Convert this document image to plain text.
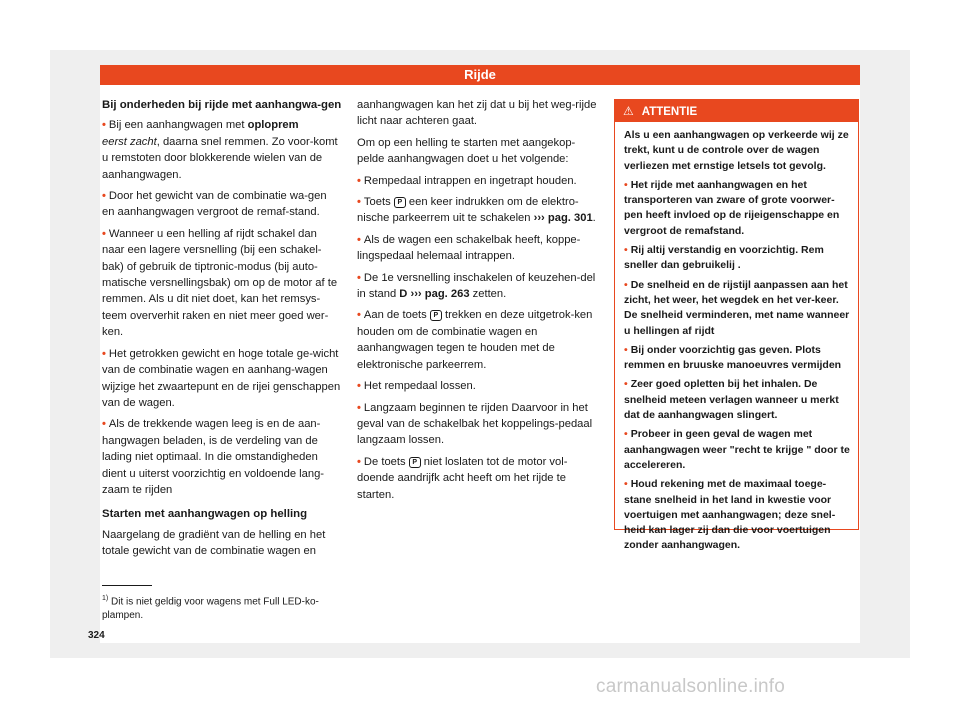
Rijde
Bij onderheden bij rijde met aanhangwa-gen

• Bij een aanhangwagen met oploprem
eerst zacht, daarna snel remmen. Zo voor-komt u remstoten door blokkerende wielen van de aanhangwagen.

• Door het gewicht van de combinatie wa-gen en aanhangwagen vergroot de remaf-stand.

• Wanneer u een helling af rijdt schakel dan naar een lagere versnelling (bij een schakel-bak) of gebruik de tiptronic-modus (bij auto-matische versnellingsbak) om op de motor af te remmen. Als u dit niet doet, kan het remsys-teem oververhit raken en niet meer goed wer-ken.

• Het getrokken gewicht en hoge totale ge-wicht van de combinatie wagen en aanhang-wagen wijzige het zwaartepunt en de rijei genschappen van de wagen.

• Als de trekkende wagen leeg is en de aan-hangwagen beladen, is de verdeling van de lading niet optimaal. In die omstandigheden dient u uiterst voorzichtig en voldoende lang-zaam te rijden

Starten met aanhangwagen op helling

Naargelang de gradiënt van de helling en het totale gewicht van de combinatie wagen en

aanhangwagen kan het zij dat u bij het weg-rijde licht naar achteren gaat.

Om op een helling te starten met aangekop-pelde aanhangwagen doet u het volgende:

• Rempedaal intrappen en ingetrapt houden.

• Toets P een keer indrukken om de elektro-nische parkeerrem uit te schakelen ››› pag. 301.

• Als de wagen een schakelbak heeft, koppe-lingspedaal helemaal intrappen.

• De 1e versnelling inschakelen of keuzehen-del in stand D ››› pag. 263 zetten.

• Aan de toets P trekken en deze uitgetrok-ken houden om de combinatie wagen en aanhangwagen tegen te houden met de elektronische parkeerrem.

• Het rempedaal lossen.

• Langzaam beginnen te rijden Daarvoor in het geval van de schakelbak het koppelings-pedaal langzaam lossen.

• De toets P niet loslaten tot de motor vol-doende aandrijfk acht heeft om het rijde te starten.

⚠ ATTENTIE

Als u een aanhangwagen op verkeerde wij ze trekt, kunt u de controle over de wagen verliezen met ernstige letsels tot gevolg.

• Het rijde met aanhangwagen en het transporteren van zware of grote voorwer-pen heeft invloed op de rijeigenschappe en vergroot de remafstand.

• Rij altij verstandig en voorzichtig. Rem sneller dan gebruikelij .

• De snelheid en de rijstijl aanpassen aan het zicht, het weer, het wegdek en het ver-keer. De snelheid verminderen, met name wanneer u hellingen af rijdt

• Bij onder voorzichtig gas geven. Plots remmen en bruuske manoeuvres vermijden

• Zeer goed opletten bij het inhalen. De snelheid meteen verlagen wanneer u merkt dat de aanhangwagen slingert.

• Probeer in geen geval de wagen met aanhangwagen weer "recht te krijge " door te accelereren.

• Houd rekening met de maximaal toege-stane snelheid in het land in kwestie voor voertuigen met aanhangwagen; deze snel-heid kan lager zij dan die voor voertuigen zonder aanhangwagen.

$^{1)}$ Dit is niet geldig voor wagens met Full LED-ko-plampen.
324
carmanualsonline.info
